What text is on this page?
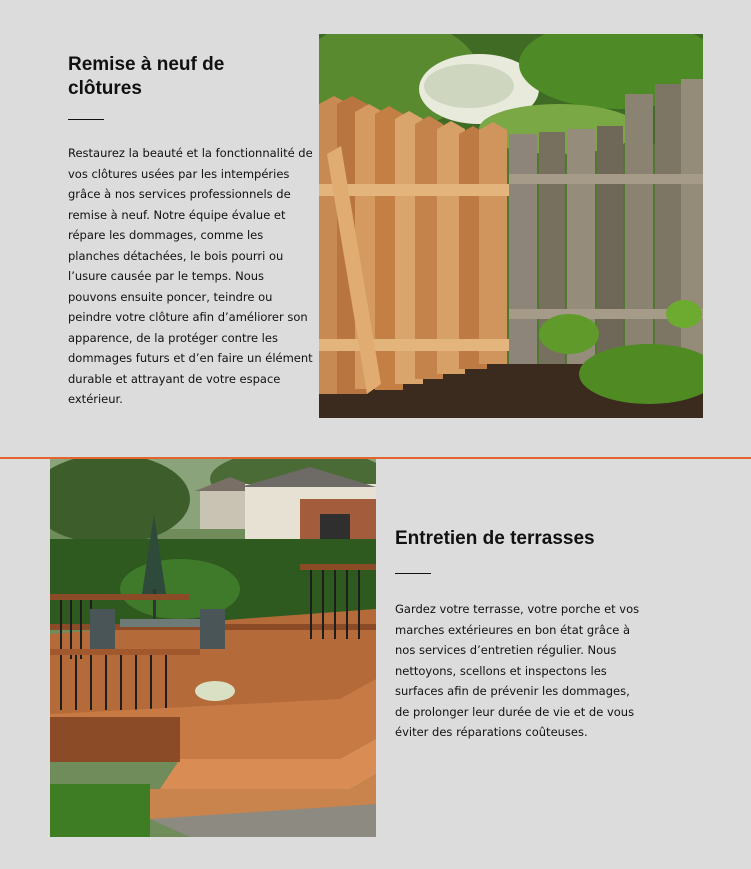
Remise à neuf de clôtures

Restaurez la beauté et la fonctionnalité de vos clôtures usées par les intempéries grâce à nos services professionnels de remise à neuf. Notre équipe évalue et répare les dommages, comme les planches détachées, le bois pourri ou l’usure causée par le temps. Nous pouvons ensuite poncer, teindre ou peindre votre clôture afin d’améliorer son apparence, de la protéger contre les dommages futurs et d’en faire un élément durable et attrayant de votre espace extérieur.

Entretien de terrasses

Gardez votre terrasse, votre porche et vos marches extérieures en bon état grâce à nos services d’entretien régulier. Nous nettoyons, scellons et inspectons les surfaces afin de prévenir les dommages, de prolonger leur durée de vie et de vous éviter des réparations coûteuses.
